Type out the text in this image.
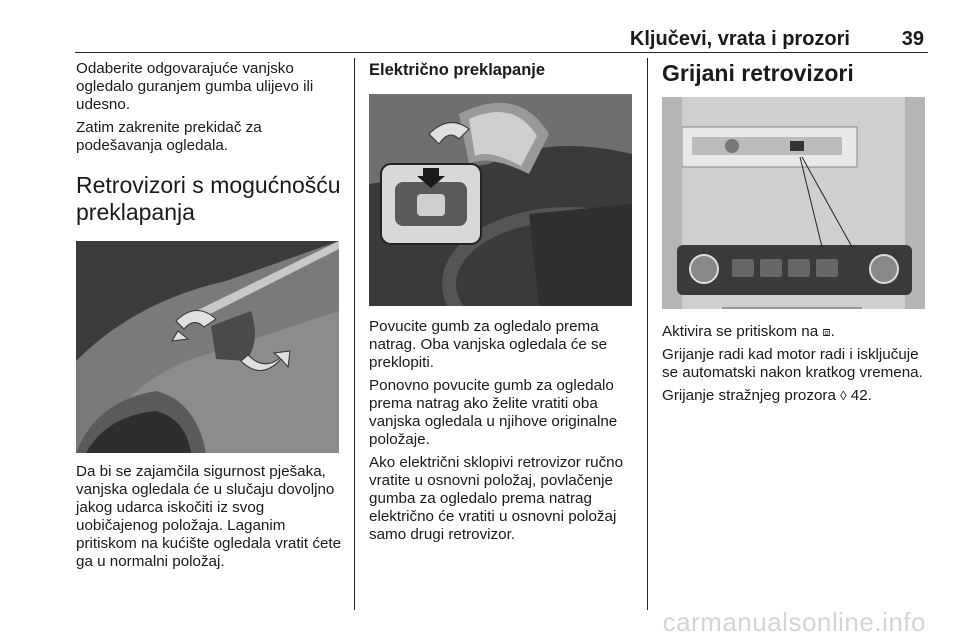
Ključevi, vrata i prozori	39

Odaberite odgovarajuće vanjsko ogledalo guranjem gumba ulijevo ili udesno.

Zatim zakrenite prekidač za podešavanja ogledala.

Retrovizori s mogućnošću
preklapanja

Da bi se zajamčila sigurnost pješaka, vanjska ogledala će u slučaju dovoljno jakog udarca iskočiti iz svog uobičajenog položaja. Laganim pritiskom na kućište ogledala vratit ćete ga u normalni položaj.

Električno preklapanje

Povucite gumb za ogledalo prema natrag. Oba vanjska ogledala će se preklopiti.

Ponovno povucite gumb za ogledalo prema natrag ako želite vratiti oba vanjska ogledala u njihove originalne položaje.

Ako električni sklopivi retrovizor ručno vratite u osnovni položaj, povlačenje gumba za ogledalo prema natrag električno će vratiti u osnovni položaj samo drugi retrovizor.

Grijani retrovizori

Aktivira se pritiskom na ⧈.

Grijanje radi kad motor radi i isključuje se automatski nakon kratkog vremena.

Grijanje stražnjeg prozora ◊ 42.

carmanualsonline.info
